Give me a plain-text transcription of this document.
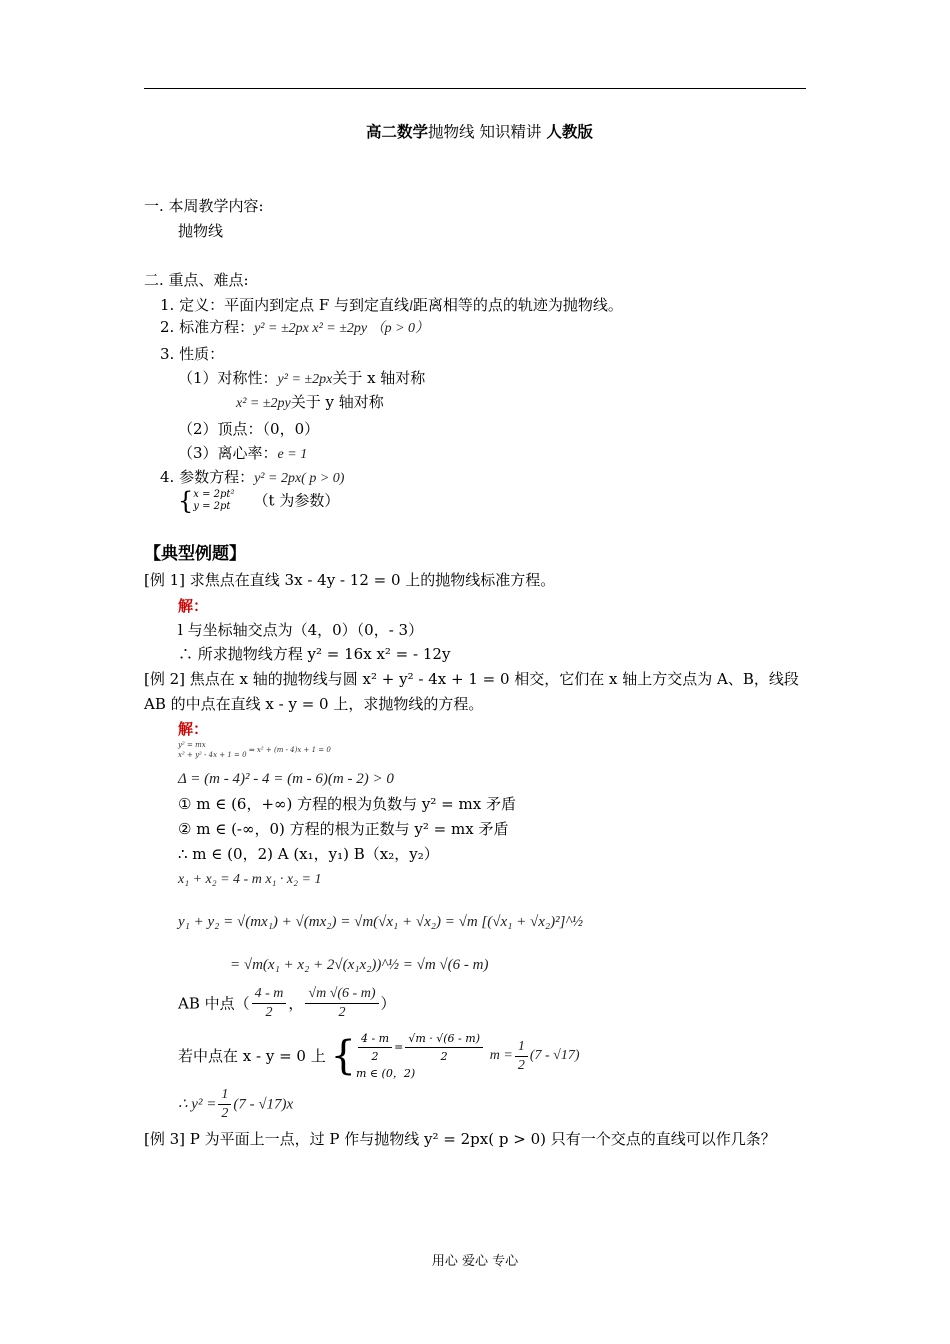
高二数学抛物线 知识精讲 人教版
一. 本周教学内容:
抛物线
二. 重点、难点:
1. 定义：平面内到定点 F 与到定直线l距离相等的点的轨迹为抛物线。
2. 标准方程：y² = ±2px x² = ±2py （p > 0）
3. 性质：
（1）对称性：y² = ±2px关于 x 轴对称
x² = ±2py关于 y 轴对称
（2）顶点：（0，0）
（3）离心率：e = 1
4. 参数方程：y² = 2px( p > 0)
{ x = 2pt²
y = 2pt （t 为参数）
【典型例题】
[例 1] 求焦点在直线 3x - 4y - 12 = 0 上的抛物线标准方程。
解：
l 与坐标轴交点为（4，0）（0，- 3）
∴ 所求抛物线方程 y² = 16x x² = - 12y
[例 2] 焦点在 x 轴的抛物线与圆 x² + y² - 4x + 1 = 0 相交，它们在 x 轴上方交点为 A、B，线段
AB 的中点在直线 x - y = 0 上，求抛物线的方程。
解：
y² = mx
x² + y² - 4x + 1 = 0
⇒ x² + (m - 4)x + 1 = 0
Δ = (m - 4)² - 4 = (m - 6)(m - 2) > 0
① m ∈ (6，+∞) 方程的根为负数与 y² = mx 矛盾
② m ∈ (-∞，0) 方程的根为正数与 y² = mx 矛盾
∴ m ∈ (0，2) A (x₁，y₁) B（x₂，y₂）
x₁ + x₂ = 4 - m x₁ · x₂ = 1
y₁ + y₂ = √(mx₁) + √(mx₂) = √m(√x₁ + √x₂) = √m [(√x₁ + √x₂)²]^½
= √m(x₁ + x₂ + 2√(x₁x₂))^½ = √m √(6 - m)
AB 中点（ $\frac{4 - m}{2}$ ， $\frac{√m √(6 - m)}{2}$ ）
若中点在 x - y = 0 上 { $\frac{4 - m}{2} = \frac{√m \cdot √(6 - m)}{2}$
m ∈ (0，2)
$m = \frac{1}{2} (7 - √17)$
∴ $y^2 = \frac{1}{2} (7 - √17)x$
[例 3] P 为平面上一点，过 P 作与抛物线 y² = 2px( p > 0) 只有一个交点的直线可以作几条？
用心 爱心 专心
